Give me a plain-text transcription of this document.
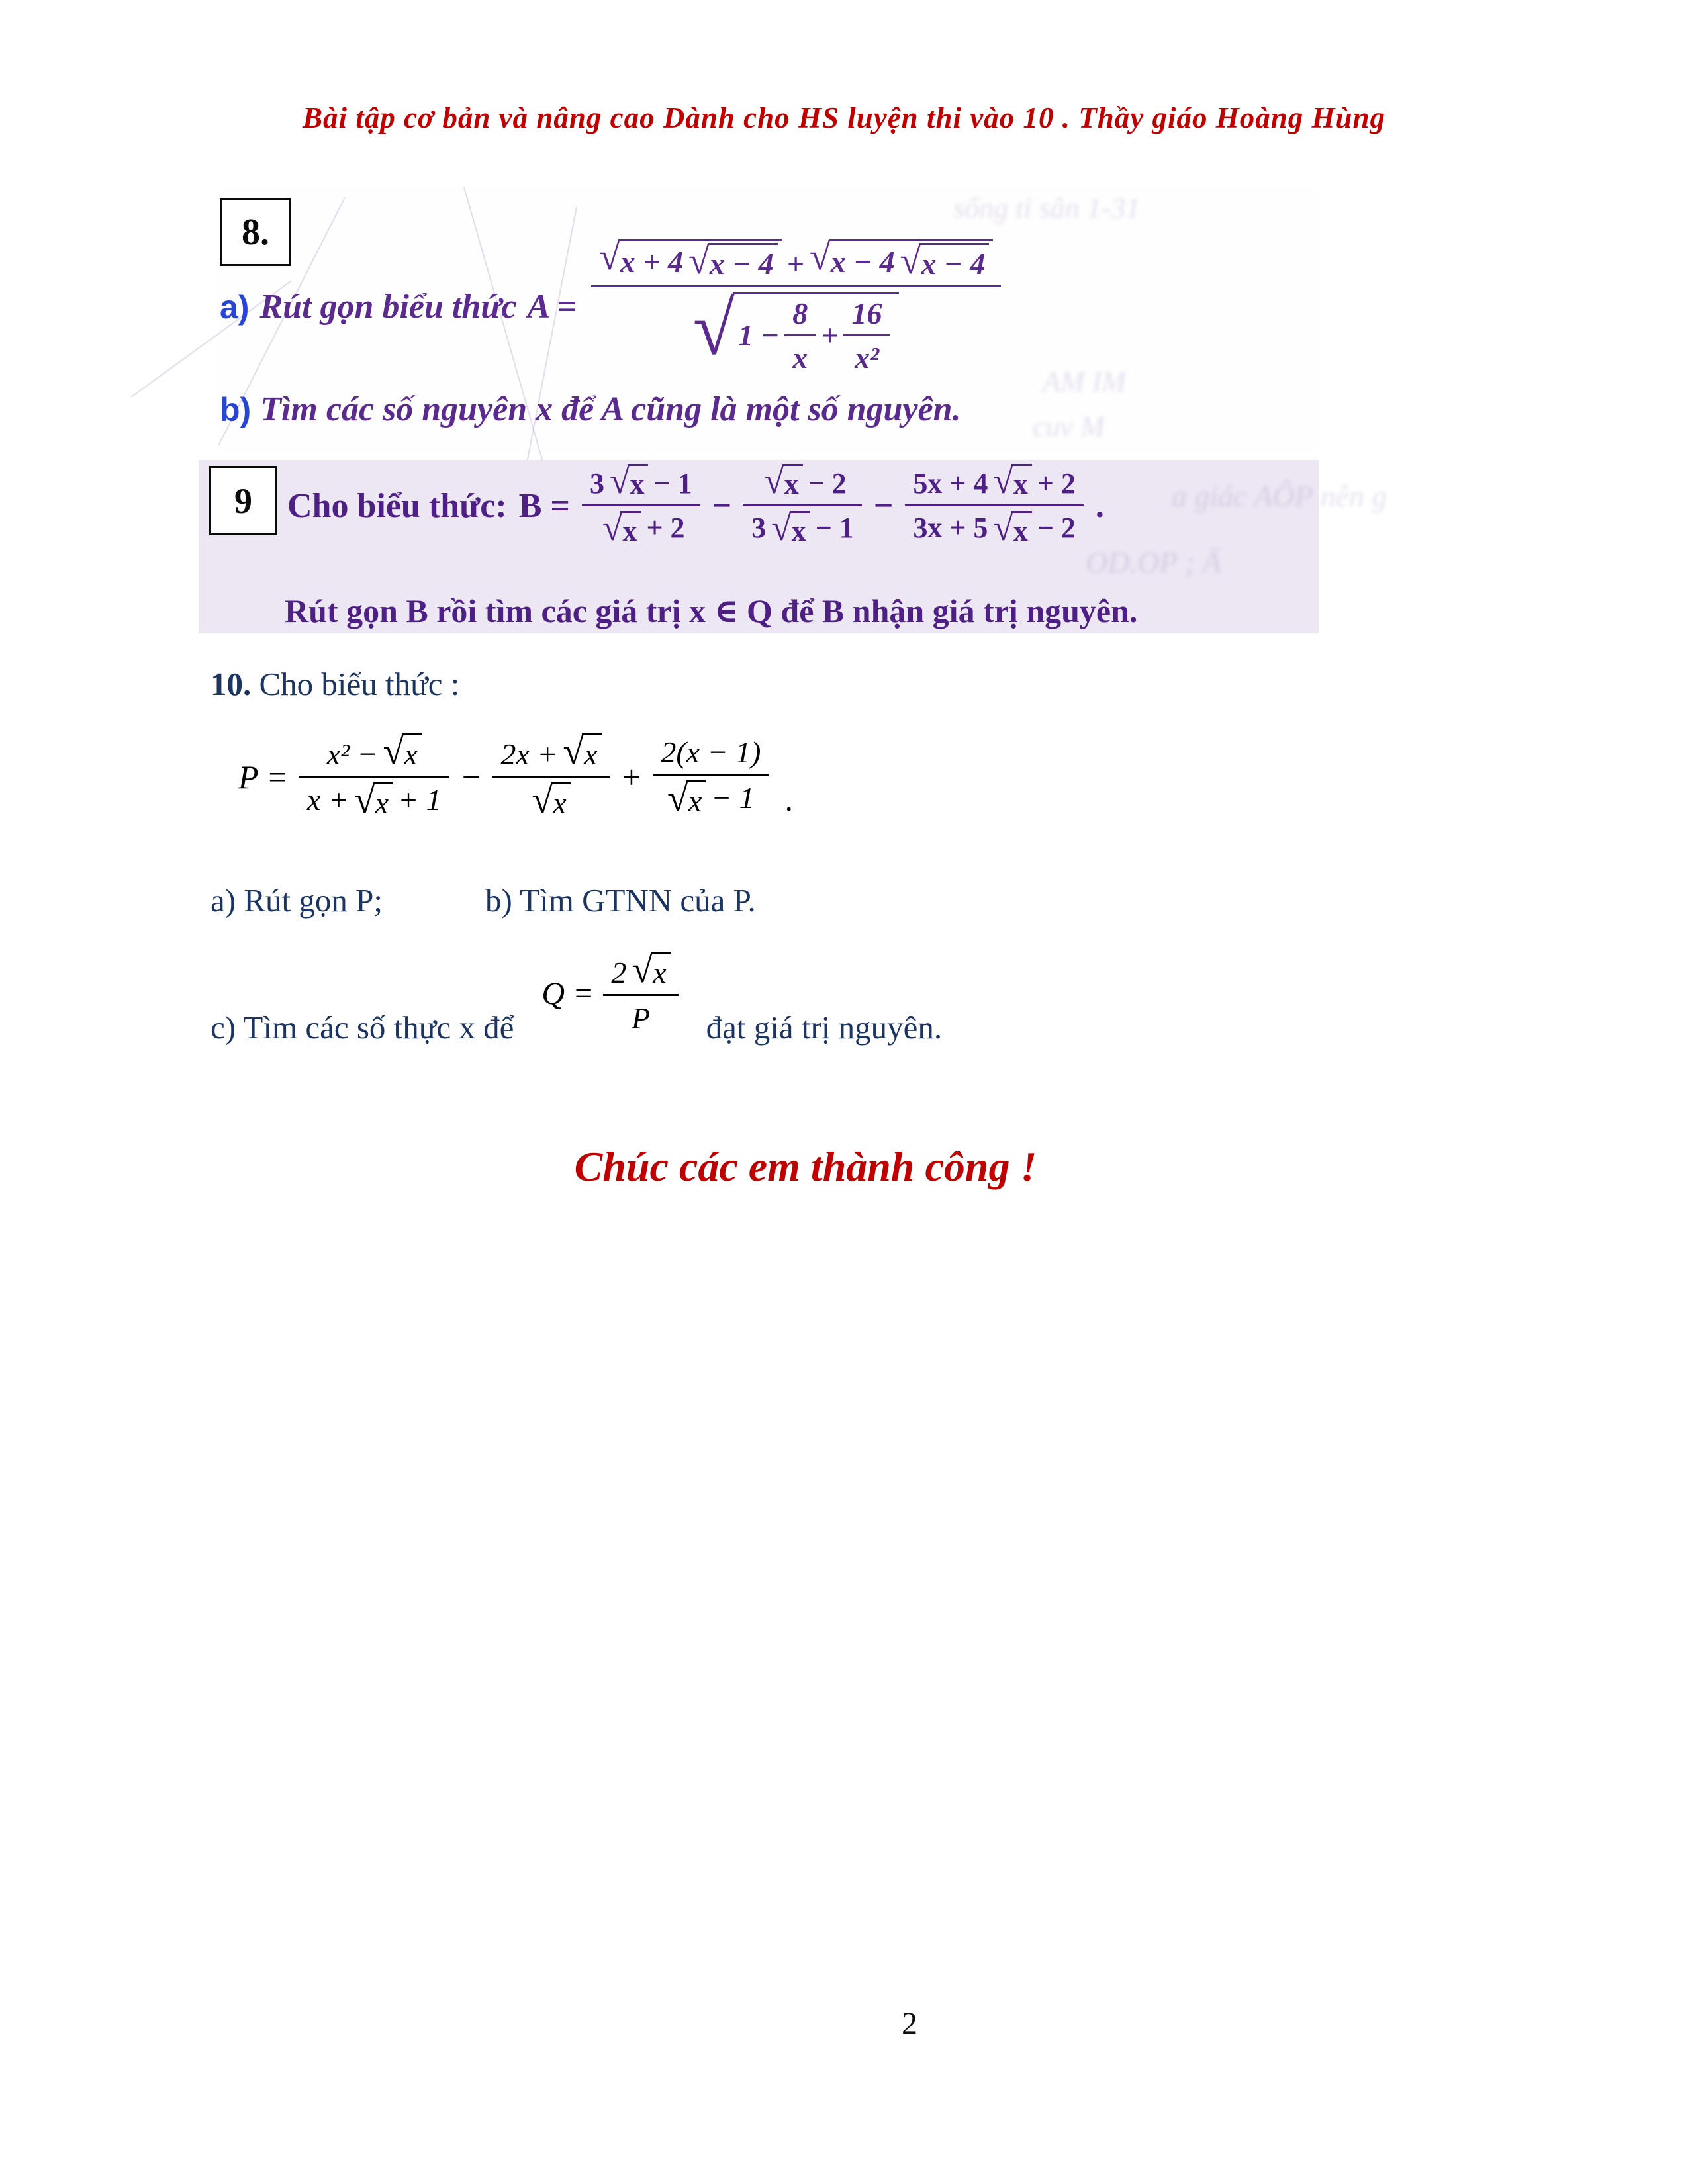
Bài tập cơ bản và nâng cao Dành cho HS luyện thi vào 10 . Thầy giáo Hoàng Hùng
sống tỉ sân 1-31
AM IM
cuv M
8.
a) Rút gọn biểu thức A =
√ x + 4 √ x − 4 + √ x − 4 √ x − 4
√ $1 - \frac{8}{x} + \frac{16}{\text{x²}}$
b) Tìm các số nguyên x để A cũng là một số nguyên.
a giác AÔP nên g
OD.OP ; Ä
9 Cho biểu thức: B = 3 √ x − 1
√ x + 2 − √ $\frac{x - 2}{3 √ x - 1} - \frac{5x + 4 √ x + 2}{3x + 5 √ x - 2}$ .
Rút gọn B rồi tìm các giá trị x ∈ Q để B nhận giá trị nguyên.
10. Cho biểu thức :
$P = \frac{\text{x² − √ x}}{x + √ x + 1} - 2x$ + √ x
√ x + 2(x − 1)
√ x − 1 .
a) Rút gọn P;	b) Tìm GTNN của P.
c) Tìm các số thực x để
$Q = \frac{2 √ x}{P}$ đạt giá trị nguyên.
Chúc các em thành công !
2
